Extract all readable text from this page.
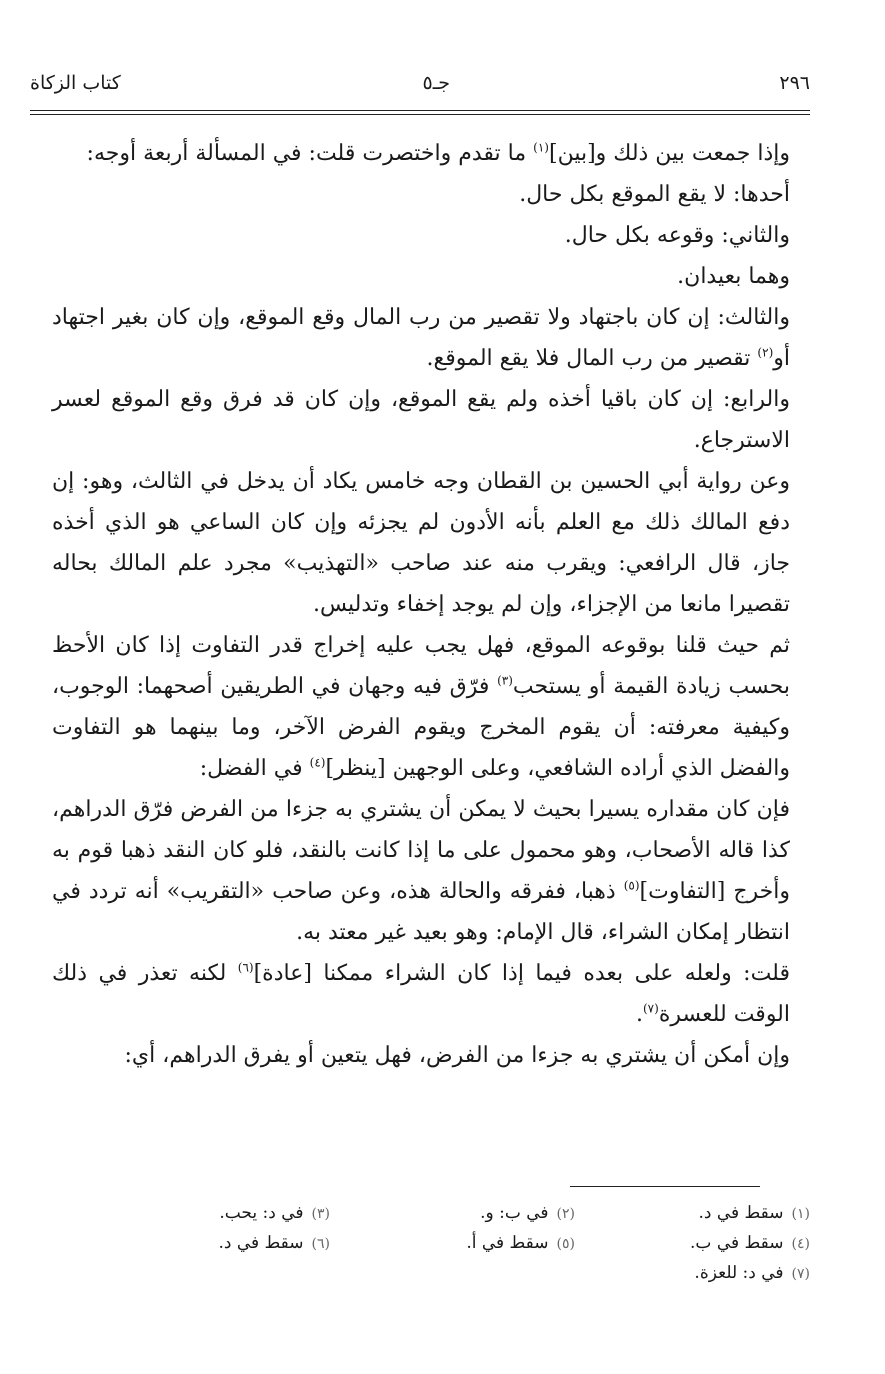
٢٩٦
جـ٥
كتاب الزكاة

وإذا جمعت بين ذلك و[بين]$^{(١)}$ ما تقدم واختصرت قلت: في المسألة أربعة أوجه:

أحدها: لا يقع الموقع بكل حال.

والثاني: وقوعه بكل حال.

وهما بعيدان.

والثالث: إن كان باجتهاد ولا تقصير من رب المال وقع الموقع، وإن كان بغير اجتهاد أو$^{(٢)}$ تقصير من رب المال فلا يقع الموقع.

والرابع: إن كان باقيا أخذه ولم يقع الموقع، وإن كان قد فرق وقع الموقع لعسر الاسترجاع.

وعن رواية أبي الحسين بن القطان وجه خامس يكاد أن يدخل في الثالث، وهو: إن دفع المالك ذلك مع العلم بأنه الأدون لم يجزئه وإن كان الساعي هو الذي أخذه جاز، قال الرافعي: ويقرب منه عند صاحب «التهذيب» مجرد علم المالك بحاله تقصيرا مانعا من الإجزاء، وإن لم يوجد إخفاء وتدليس.

ثم حيث قلنا بوقوعه الموقع، فهل يجب عليه إخراج قدر التفاوت إذا كان الأحظ بحسب زيادة القيمة أو يستحب$^{(٣)}$ فرّق فيه وجهان في الطريقين أصحهما: الوجوب، وكيفية معرفته: أن يقوم المخرج ويقوم الفرض الآخر، وما بينهما هو التفاوت والفضل الذي أراده الشافعي، وعلى الوجهين [ينظر]$^{(٤)}$ في الفضل:

فإن كان مقداره يسيرا بحيث لا يمكن أن يشتري به جزءا من الفرض فرّق الدراهم، كذا قاله الأصحاب، وهو محمول على ما إذا كانت بالنقد، فلو كان النقد ذهبا قوم به وأخرج [التفاوت]$^{(٥)}$ ذهبا، ففرقه والحالة هذه، وعن صاحب «التقريب» أنه تردد في انتظار إمكان الشراء، قال الإمام: وهو بعيد غير معتد به.

قلت: ولعله على بعده فيما إذا كان الشراء ممكنا [عادة]$^{(٦)}$ لكنه تعذر في ذلك الوقت للعسرة$^{(٧)}$.

وإن أمكن أن يشتري به جزءا من الفرض، فهل يتعين أو يفرق الدراهم، أي:

(١)سقط في د.
(٢)في ب: و.
(٣)في د: يحب.
(٤)سقط في ب.
(٥)سقط في أ.
(٦)سقط في د.
(٧)في د: للعزة.
